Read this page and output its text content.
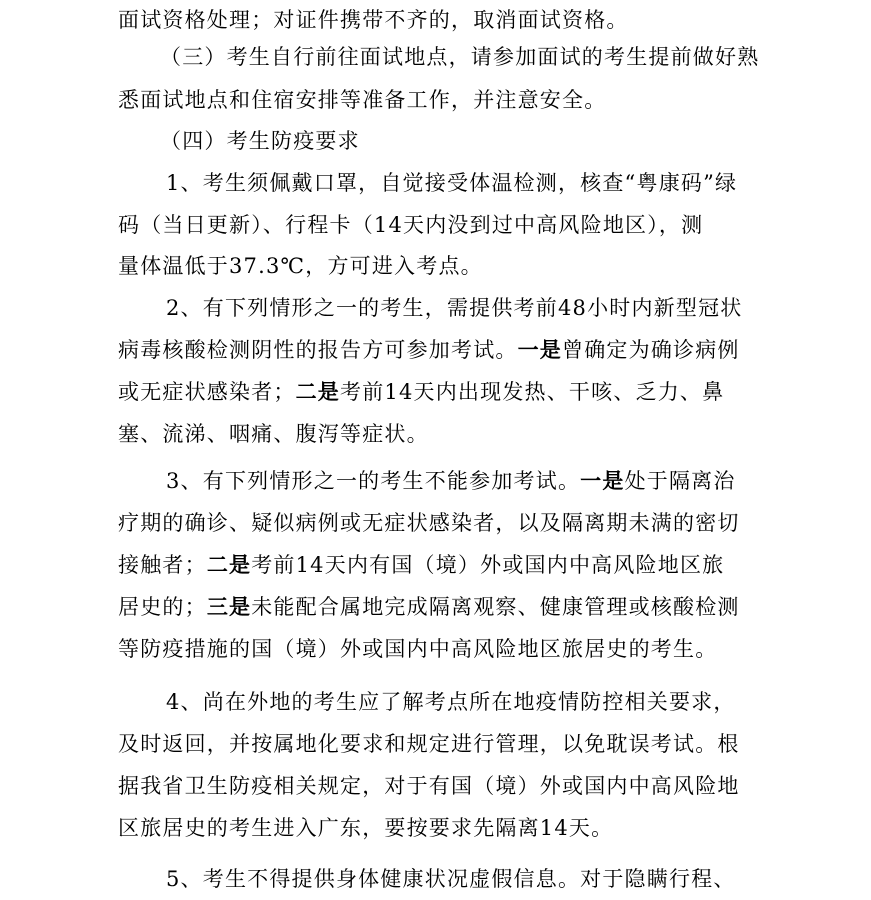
面试资格处理；对证件携带不齐的，取消面试资格。
（三）考生自行前往面试地点，请参加面试的考生提前做好熟
悉面试地点和住宿安排等准备工作，并注意安全。
（四）考生防疫要求
1、考生须佩戴口罩，自觉接受体温检测，核查“粤康码”绿
码（当日更新）、行程卡（14天内没到过中高风险地区），测
量体温低于37.3℃，方可进入考点。
2、有下列情形之一的考生，需提供考前48小时内新型冠状
病毒核酸检测阴性的报告方可参加考试。一是曾确定为确诊病例
或无症状感染者；二是考前14天内出现发热、干咳、乏力、鼻
塞、流涕、咽痛、腹泻等症状。
3、有下列情形之一的考生不能参加考试。一是处于隔离治
疗期的确诊、疑似病例或无症状感染者，以及隔离期未满的密切
接触者；二是考前14天内有国（境）外或国内中高风险地区旅
居史的；三是未能配合属地完成隔离观察、健康管理或核酸检测
等防疫措施的国（境）外或国内中高风险地区旅居史的考生。
4、尚在外地的考生应了解考点所在地疫情防控相关要求，
及时返回，并按属地化要求和规定进行管理，以免耽误考试。根
据我省卫生防疫相关规定，对于有国（境）外或国内中高风险地
区旅居史的考生进入广东，要按要求先隔离14天。
5、考生不得提供身体健康状况虚假信息。对于隐瞒行程、
